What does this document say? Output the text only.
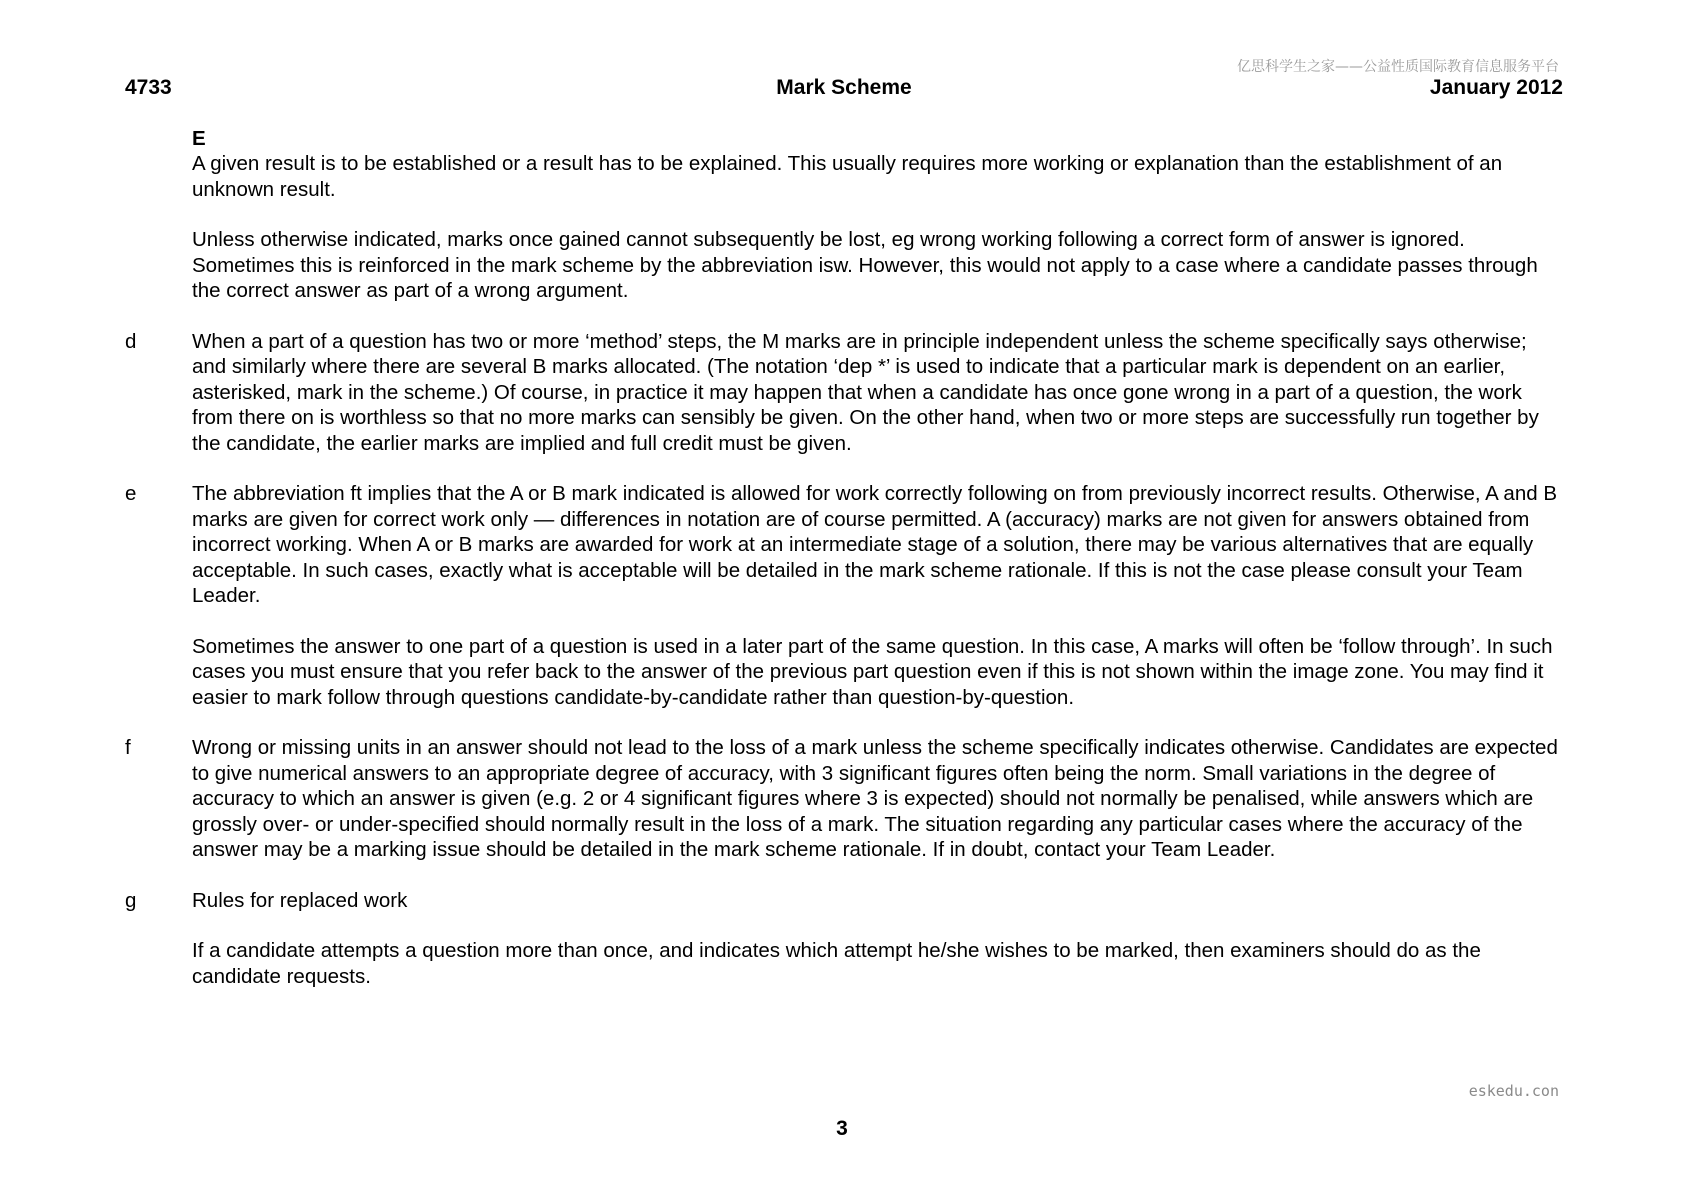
亿思科学生之家——公益性质国际教育信息服务平台
4733	Mark Scheme	January 2012
E

A given result is to be established or a result has to be explained. This usually requires more working or explanation than the establishment of an unknown result.

Unless otherwise indicated, marks once gained cannot subsequently be lost, eg wrong working following a correct form of answer is ignored. Sometimes this is reinforced in the mark scheme by the abbreviation isw. However, this would not apply to a case where a candidate passes through the correct answer as part of a wrong argument.

d	When a part of a question has two or more ‘method’ steps, the M marks are in principle independent unless the scheme specifically says otherwise; and similarly where there are several B marks allocated. (The notation ‘dep *’ is used to indicate that a particular mark is dependent on an earlier, asterisked, mark in the scheme.) Of course, in practice it may happen that when a candidate has once gone wrong in a part of a question, the work from there on is worthless so that no more marks can sensibly be given. On the other hand, when two or more steps are successfully run together by the candidate, the earlier marks are implied and full credit must be given.

e	The abbreviation ft implies that the A or B mark indicated is allowed for work correctly following on from previously incorrect results. Otherwise, A and B marks are given for correct work only — differences in notation are of course permitted. A (accuracy) marks are not given for answers obtained from incorrect working. When A or B marks are awarded for work at an intermediate stage of a solution, there may be various alternatives that are equally acceptable. In such cases, exactly what is acceptable will be detailed in the mark scheme rationale. If this is not the case please consult your Team Leader.

Sometimes the answer to one part of a question is used in a later part of the same question. In this case, A marks will often be ‘follow through’. In such cases you must ensure that you refer back to the answer of the previous part question even if this is not shown within the image zone. You may find it easier to mark follow through questions candidate-by-candidate rather than question-by-question.

f	Wrong or missing units in an answer should not lead to the loss of a mark unless the scheme specifically indicates otherwise. Candidates are expected to give numerical answers to an appropriate degree of accuracy, with 3 significant figures often being the norm. Small variations in the degree of accuracy to which an answer is given (e.g. 2 or 4 significant figures where 3 is expected) should not normally be penalised, while answers which are grossly over- or under-specified should normally result in the loss of a mark. The situation regarding any particular cases where the accuracy of the answer may be a marking issue should be detailed in the mark scheme rationale. If in doubt, contact your Team Leader.

g	Rules for replaced work

If a candidate attempts a question more than once, and indicates which attempt he/she wishes to be marked, then examiners should do as the candidate requests.

eskedu.con
3
